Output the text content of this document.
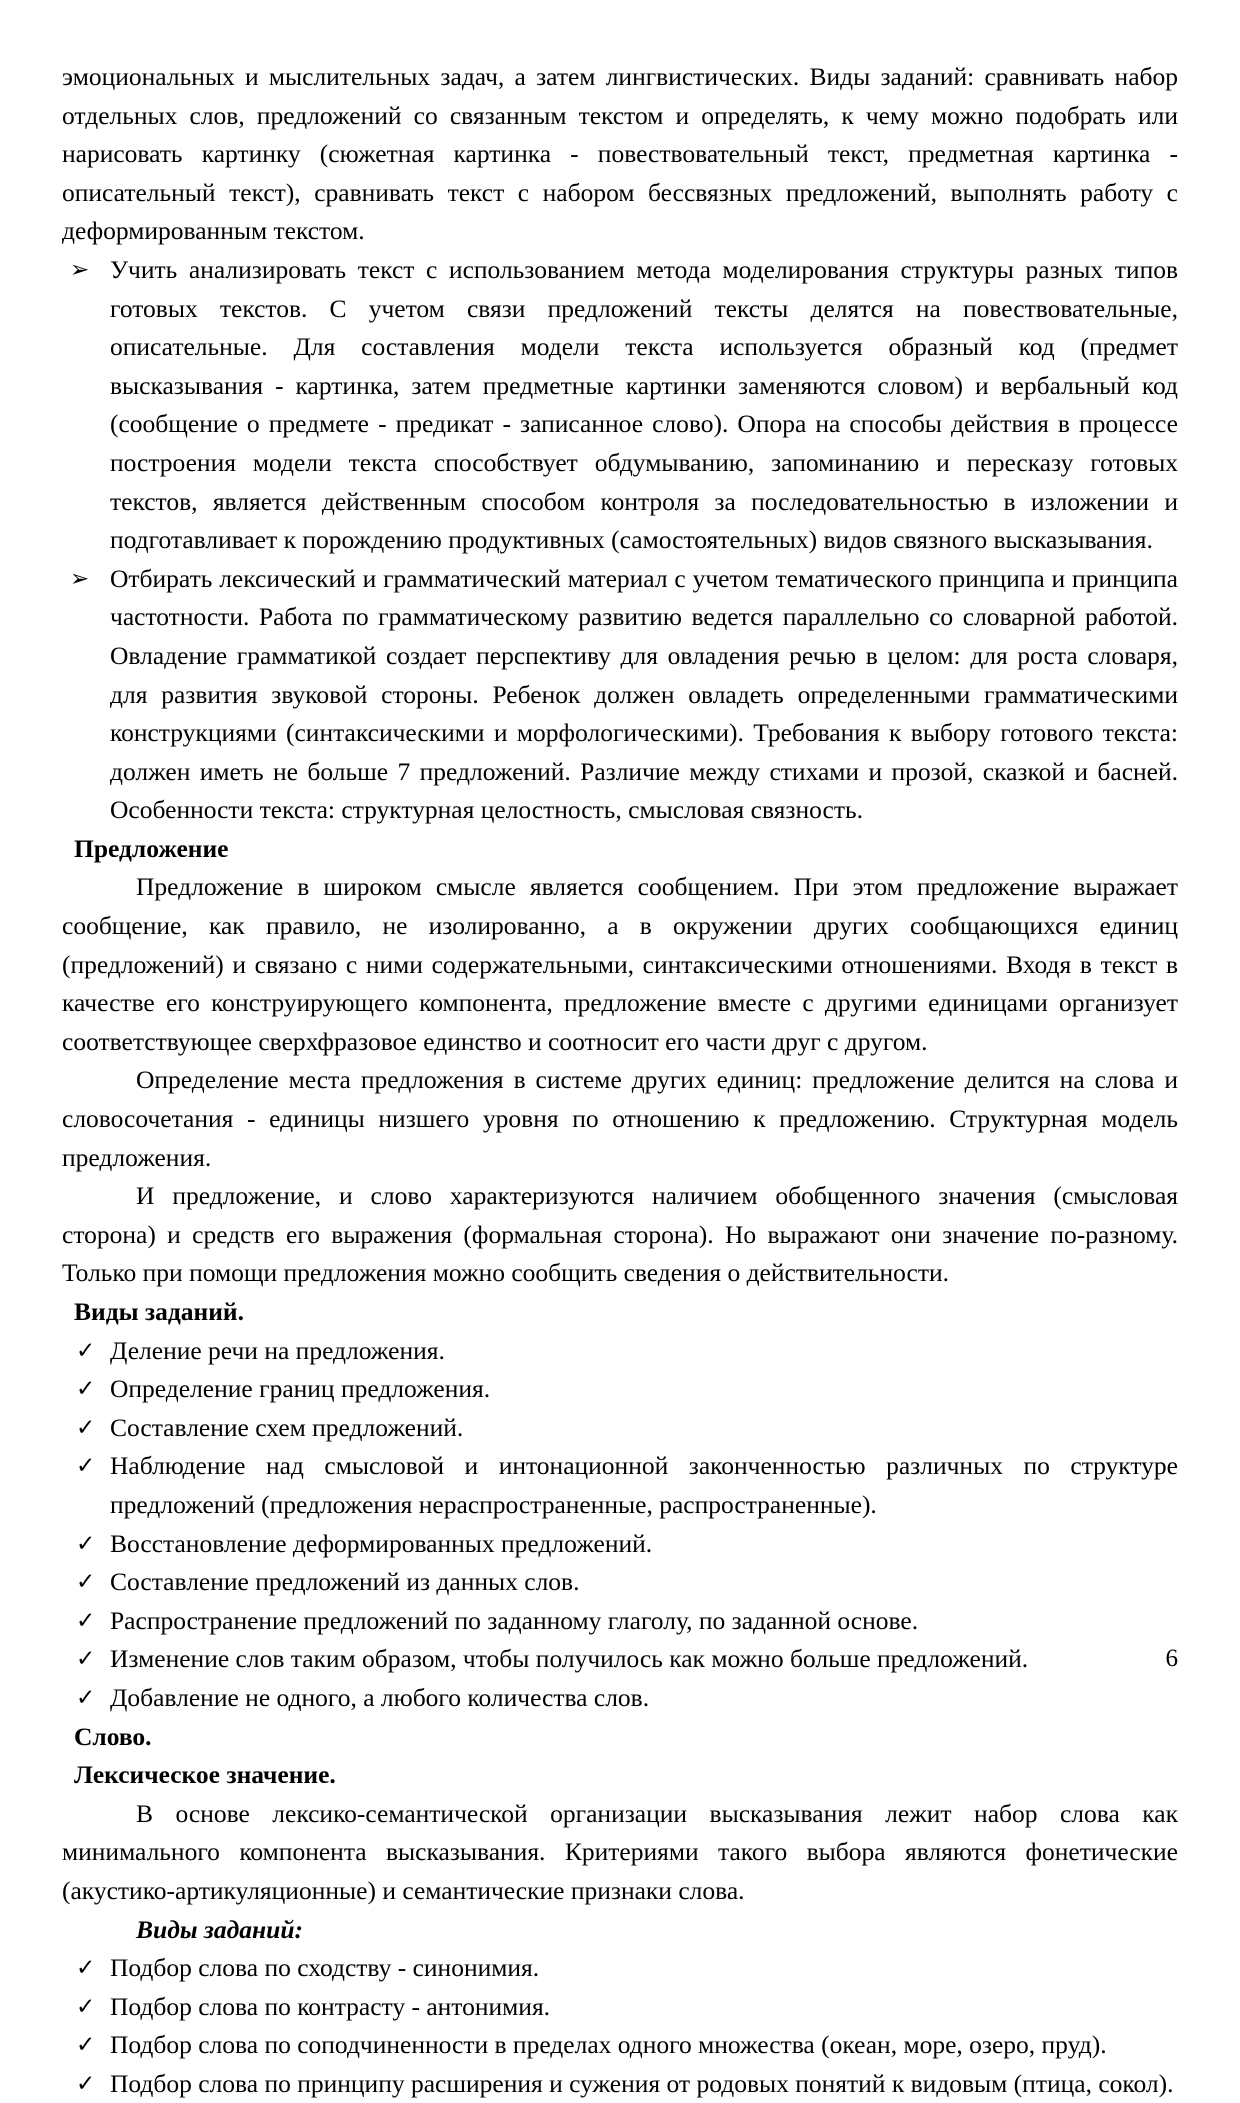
эмоциональных и мыслительных задач, а затем лингвистических. Виды заданий: сравнивать набор отдельных слов, предложений со связанным текстом и определять, к чему можно подобрать или нарисовать картинку (сюжетная картинка - повествовательный текст, предметная картинка - описательный текст), сравнивать текст с набором бессвязных предложений, выполнять работу с деформированным текстом.

➢ Учить анализировать текст с использованием метода моделирования структуры разных типов готовых текстов. С учетом связи предложений тексты делятся на повествовательные, описательные. Для составления модели текста используется образный код (предмет высказывания - картинка, затем предметные картинки заменяются словом) и вербальный код (сообщение о предмете - предикат - записанное слово). Опора на способы действия в процессе построения модели текста способствует обдумыванию, запоминанию и пересказу готовых текстов, является действенным способом контроля за последовательностью в изложении и подготавливает к порождению продуктивных (самостоятельных) видов связного высказывания.
➢ Отбирать лексический и грамматический материал с учетом тематического принципа и принципа частотности. Работа по грамматическому развитию ведется параллельно со словарной работой. Овладение грамматикой создает перспективу для овладения речью в целом: для роста словаря, для развития звуковой стороны. Ребенок должен овладеть определенными грамматическими конструкциями (синтаксическими и морфологическими). Требования к выбору готового текста: должен иметь не больше 7 предложений. Различие между стихами и прозой, сказкой и басней. Особенности текста: структурная целостность, смысловая связность.

Предложение

Предложение в широком смысле является сообщением. При этом предложение выражает сообщение, как правило, не изолированно, а в окружении других сообщающихся единиц (предложений) и связано с ними содержательными, синтаксическими отношениями. Входя в текст в качестве его конструирующего компонента, предложение вместе с другими единицами организует соответствующее сверхфразовое единство и соотносит его части друг с другом.

Определение места предложения в системе других единиц: предложение делится на слова и словосочетания - единицы низшего уровня по отношению к предложению. Структурная модель предложения.

И предложение, и слово характеризуются наличием обобщенного значения (смысловая сторона) и средств его выражения (формальная сторона). Но выражают они значение по-разному. Только при помощи предложения можно сообщить сведения о действительности.

Виды заданий.

✓ Деление речи на предложения.
✓ Определение границ предложения.
✓ Составление схем предложений.
✓ Наблюдение над смысловой и интонационной законченностью различных по структуре предложений (предложения нераспространенные, распространенные).
✓ Восстановление деформированных предложений.
✓ Составление предложений из данных слов.
✓ Распространение предложений по заданному глаголу, по заданной основе.
✓ Изменение слов таким образом, чтобы получилось как можно больше предложений.
✓ Добавление не одного, а любого количества слов.

Слово.

Лексическое значение.

В основе лексико-семантической организации высказывания лежит набор слова как минимального компонента высказывания. Критериями такого выбора являются фонетические (акустико-артикуляционные) и семантические признаки слова.

Виды заданий:

✓ Подбор слова по сходству - синонимия.
✓ Подбор слова по контрасту - антонимия.
✓ Подбор слова по соподчиненности в пределах одного множества (океан, море, озеро, пруд).
✓ Подбор слова по принципу расширения и сужения от родовых понятий к видовым (птица, сокол).
6
